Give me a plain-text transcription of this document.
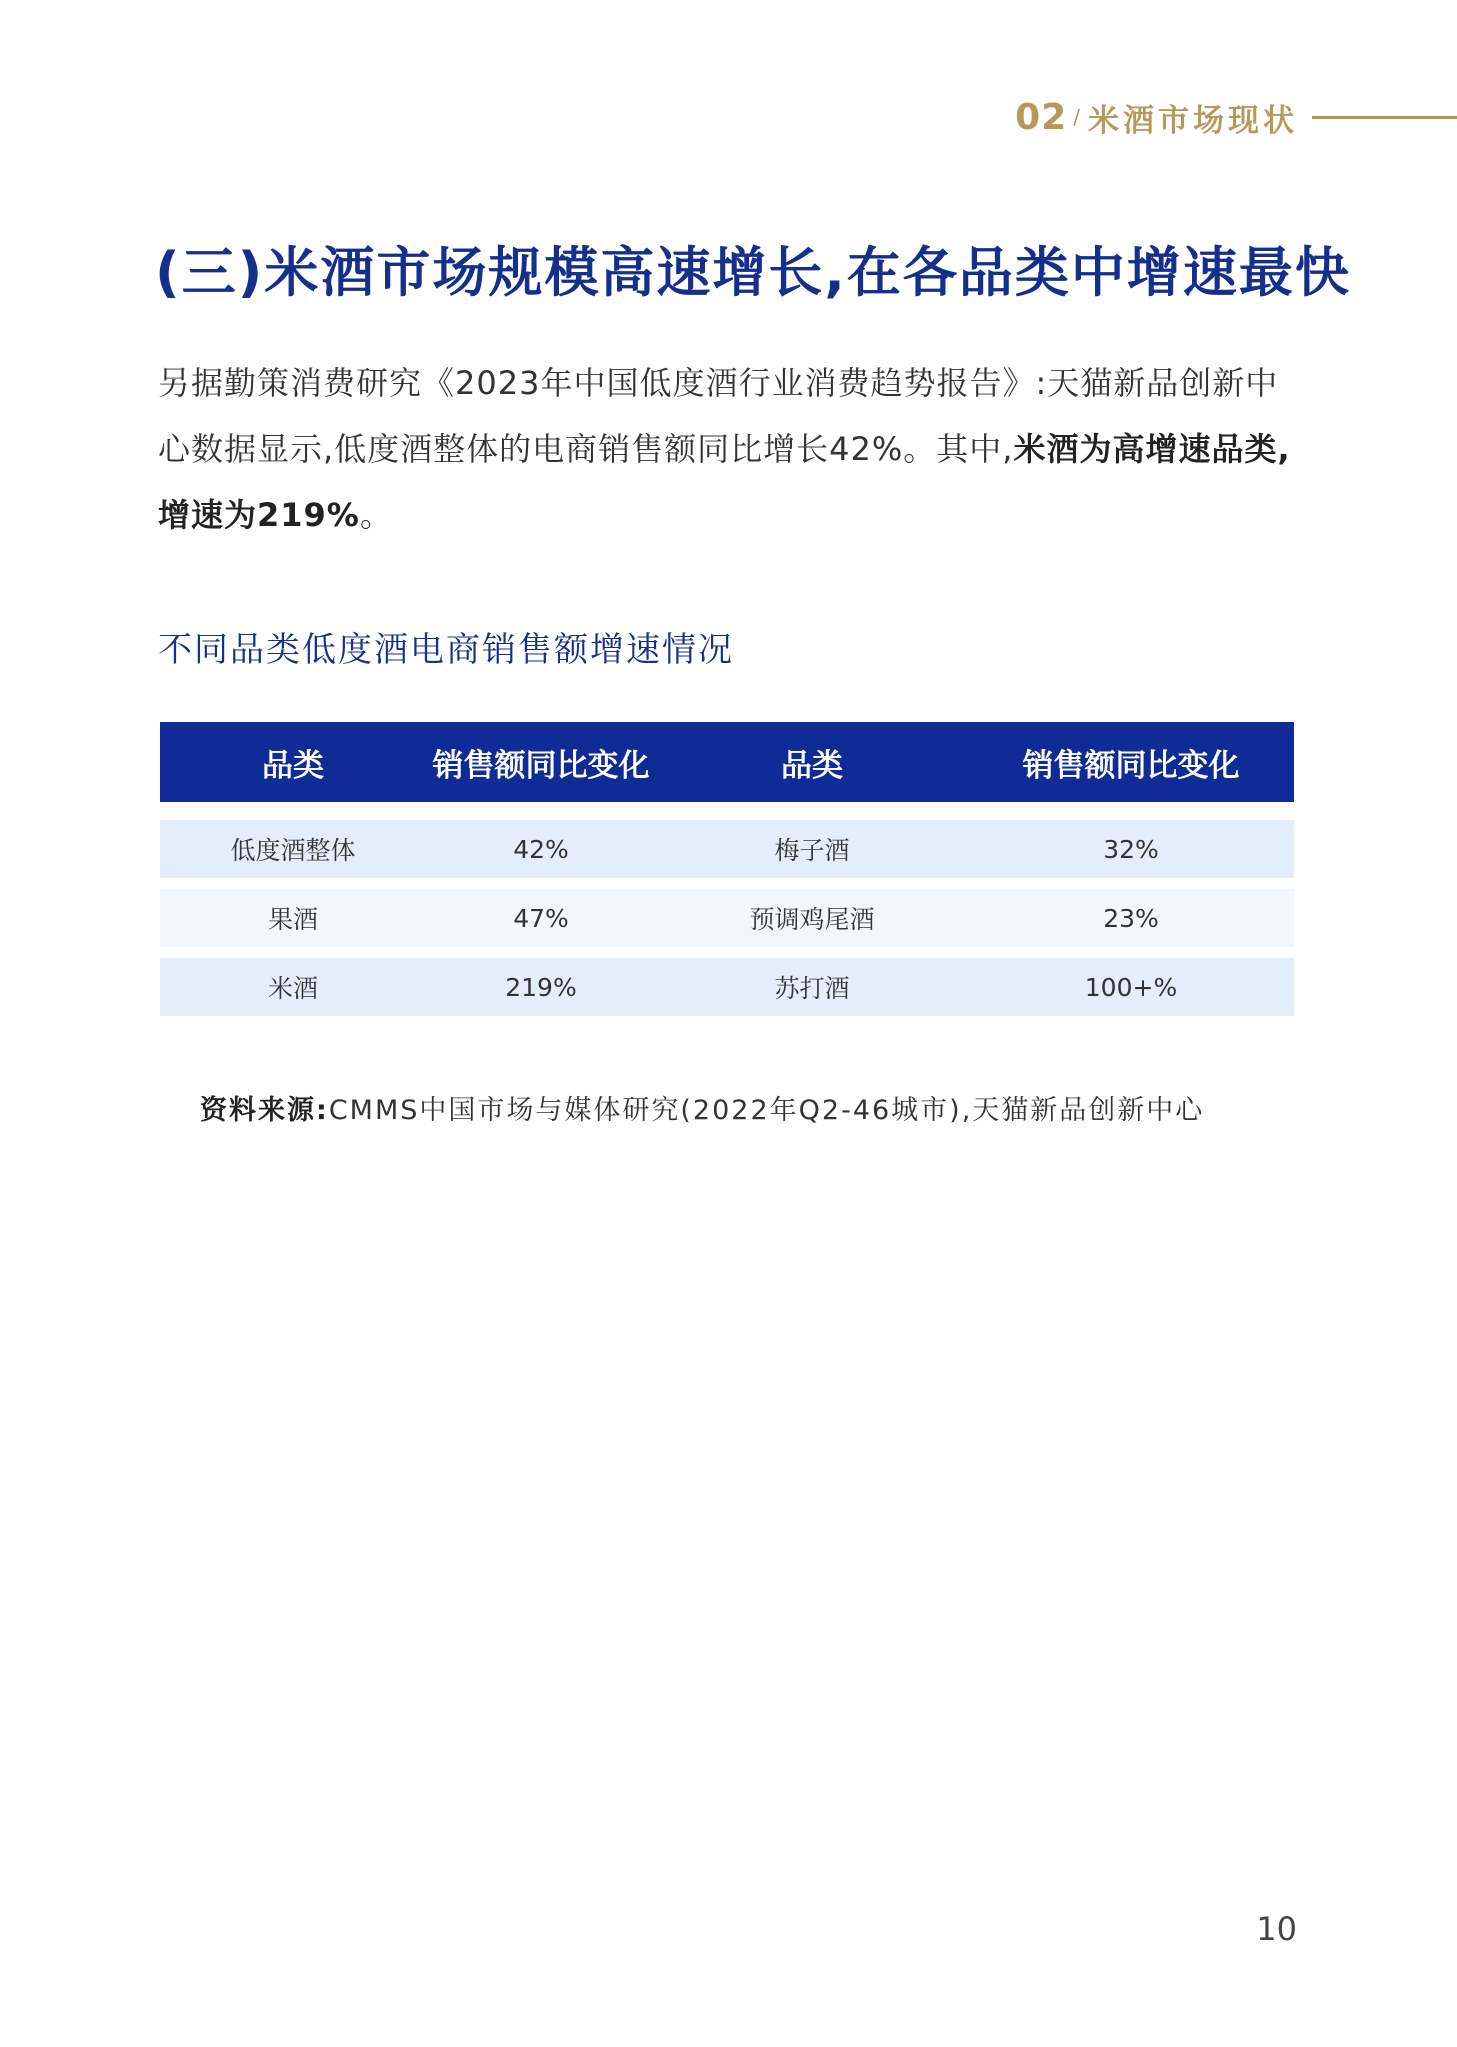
02 / 米酒市场现状
(三)米酒市场规模高速增长,在各品类中增速最快
另据勤策消费研究《2023年中国低度酒行业消费趋势报告》:天猫新品创新中心数据显示,低度酒整体的电商销售额同比增长42%。其中,米酒为高增速品类,增速为219%。
不同品类低度酒电商销售额增速情况
品类	销售额同比变化	品类	销售额同比变化
低度酒整体	42%	梅子酒	32%
果酒	47%	预调鸡尾酒	23%
米酒	219%	苏打酒	100+%
资料来源:CMMS中国市场与媒体研究(2022年Q2-46城市),天猫新品创新中心
10
